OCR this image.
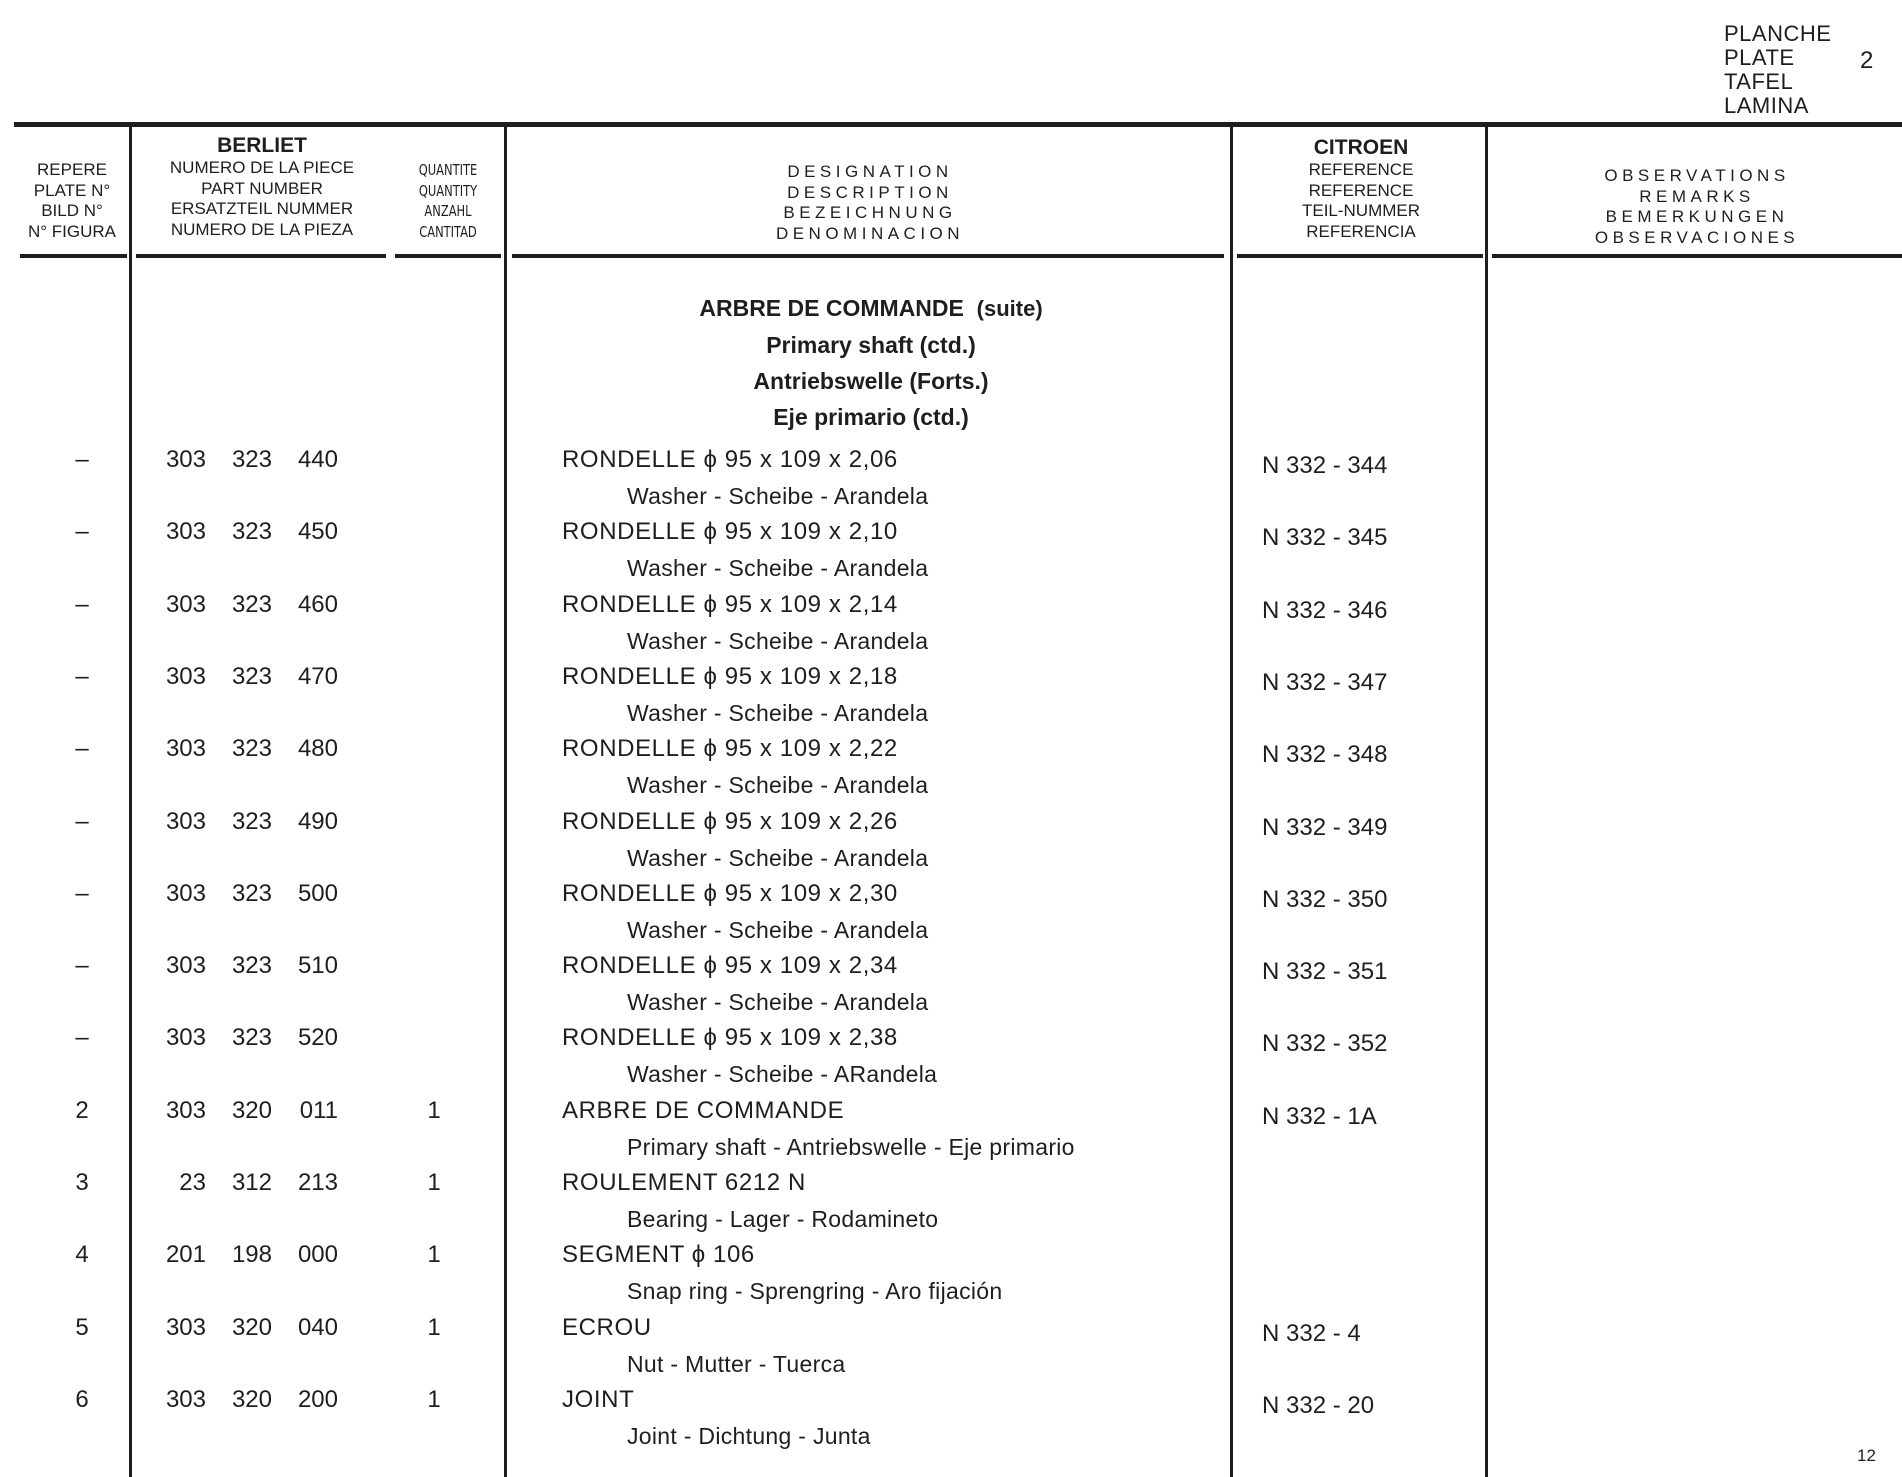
PLANCHE
PLATE
TAFEL
LAMINA
2
REPERE
PLATE N°
BILD N°
N° FIGURA
BERLIET
NUMERO DE LA PIECE
PART NUMBER
ERSATZTEIL NUMMER
NUMERO DE LA PIEZA
QUANTITE
QUANTITY
ANZAHL
CANTITAD
DESIGNATION
DESCRIPTION
BEZEICHNUNG
DENOMINACION
CITROEN
REFERENCE
REFERENCE
TEIL-NUMMER
REFERENCIA
OBSERVATIONS
REMARKS
BEMERKUNGEN
OBSERVACIONES
ARBRE DE COMMANDE (suite)
Primary shaft (ctd.)
Antriebswelle (Forts.)
Eje primario (ctd.)
–	303	323	440	RONDELLE ϕ 95 x 109 x 2,06
Washer - Scheibe - Arandela
N 332 - 344
–	303	323	450	RONDELLE ϕ 95 x 109 x 2,10
Washer - Scheibe - Arandela
N 332 - 345
–	303	323	460	RONDELLE ϕ 95 x 109 x 2,14
Washer - Scheibe - Arandela
N 332 - 346
–	303	323	470	RONDELLE ϕ 95 x 109 x 2,18
Washer - Scheibe - Arandela
N 332 - 347
–	303	323	480	RONDELLE ϕ 95 x 109 x 2,22
Washer - Scheibe - Arandela
N 332 - 348
–	303	323	490	RONDELLE ϕ 95 x 109 x 2,26
Washer - Scheibe - Arandela
N 332 - 349
–	303	323	500	RONDELLE ϕ 95 x 109 x 2,30
Washer - Scheibe - Arandela
N 332 - 350
–	303	323	510	RONDELLE ϕ 95 x 109 x 2,34
Washer - Scheibe - Arandela
N 332 - 351
–	303	323	520	RONDELLE ϕ 95 x 109 x 2,38
Washer - Scheibe - ARandela
N 332 - 352
2	303	320	011	1	ARBRE DE COMMANDE
Primary shaft - Antriebswelle - Eje primario
N 332 - 1A
3	23	312	213	1	ROULEMENT 6212 N
Bearing - Lager - Rodamineto
4	201	198	000	1	SEGMENT ϕ 106
Snap ring - Sprengring - Aro fijación
5	303	320	040	1	ECROU
Nut - Mutter - Tuerca
N 332 - 4
6	303	320	200	1	JOINT
Joint - Dichtung - Junta
N 332 - 20
12
